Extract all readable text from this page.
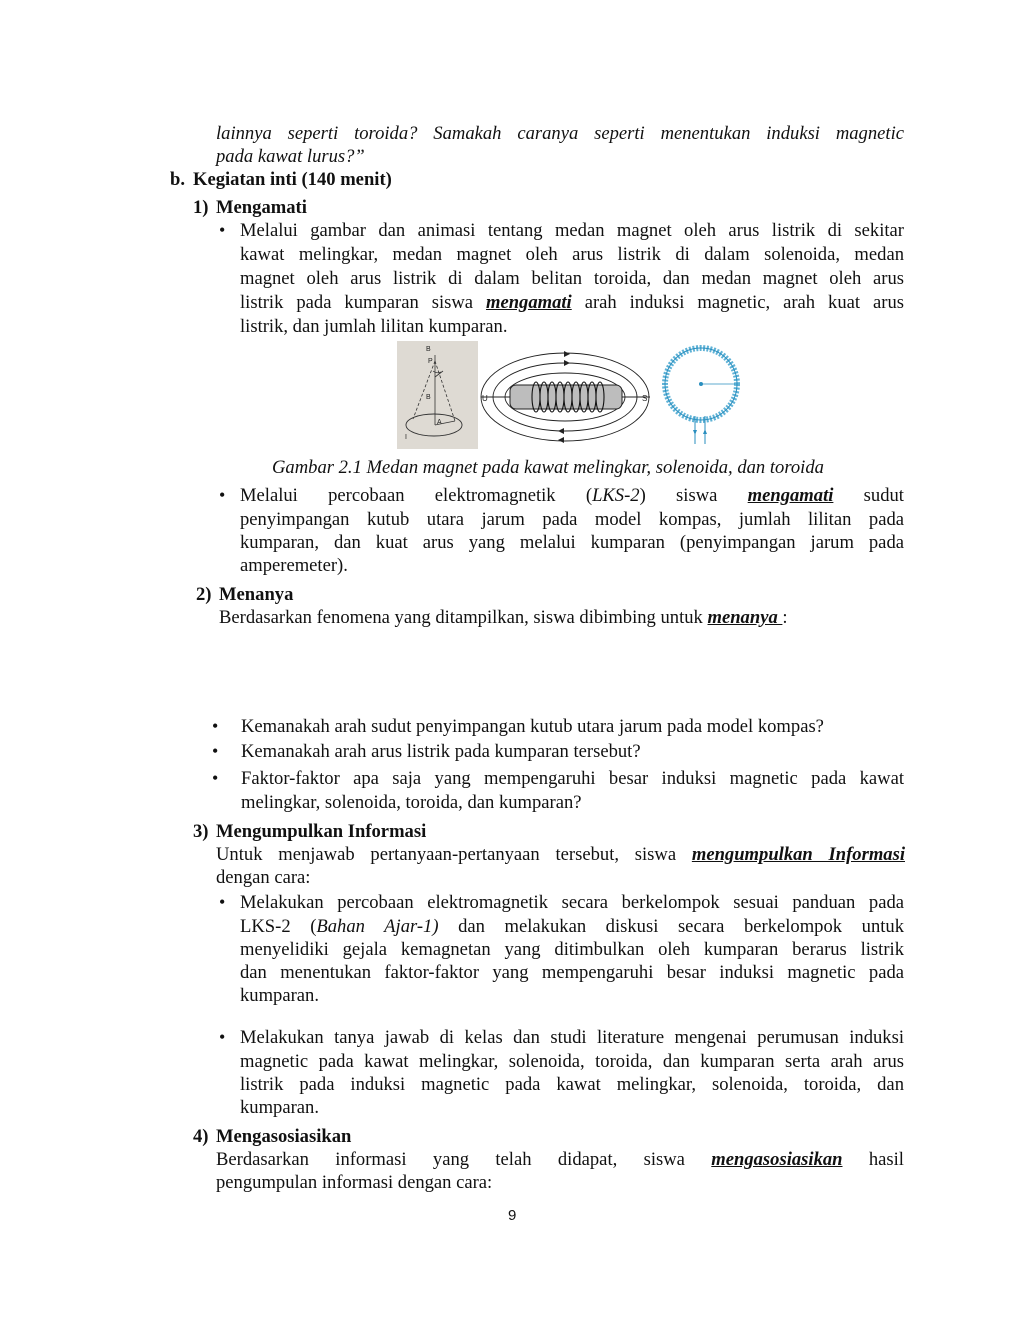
lainnya seperti toroida? Samakah caranya seperti menentukan induksi magnetic
pada kawat lurus?”
b. Kegiatan inti (140 menit)
1) Mengamati
• Melalui gambar dan animasi tentang medan magnet oleh arus listrik di sekitar
kawat melingkar, medan magnet oleh arus listrik di dalam solenoida, medan
magnet oleh arus listrik di dalam belitan toroida, dan medan magnet oleh arus
listrik pada kumparan siswa mengamati arah induksi magnetic, arah kuat arus
listrik, dan jumlah lilitan kumparan.
B
P
B
A
I
U	S
Gambar 2.1 Medan magnet pada kawat melingkar, solenoida, dan toroida
• Melalui percobaan elektromagnetik (LKS-2) siswa mengamati sudut
penyimpangan kutub utara jarum pada model kompas, jumlah lilitan pada
kumparan, dan kuat arus yang melalui kumparan (penyimpangan jarum pada
amperemeter).
2) Menanya
Berdasarkan fenomena yang ditampilkan, siswa dibimbing untuk menanya :
• Kemanakah arah sudut penyimpangan kutub utara jarum pada model kompas?
• Kemanakah arah arus listrik pada kumparan tersebut?
• Faktor-faktor apa saja yang mempengaruhi besar induksi magnetic pada kawat
melingkar, solenoida, toroida, dan kumparan?
3) Mengumpulkan Informasi
Untuk menjawab pertanyaan-pertanyaan tersebut, siswa mengumpulkan Informasi
dengan cara:
• Melakukan percobaan elektromagnetik secara berkelompok sesuai panduan pada
LKS-2 (Bahan Ajar-1) dan melakukan diskusi secara berkelompok untuk
menyelidiki gejala kemagnetan yang ditimbulkan oleh kumparan berarus listrik
dan menentukan faktor-faktor yang mempengaruhi besar induksi magnetic pada
kumparan.
• Melakukan tanya jawab di kelas dan studi literature mengenai perumusan induksi
magnetic pada kawat melingkar, solenoida, toroida, dan kumparan serta arah arus
listrik pada induksi magnetic pada kawat melingkar, solenoida, toroida, dan
kumparan.
4) Mengasosiasikan
Berdasarkan informasi yang telah didapat, siswa mengasosiasikan hasil
pengumpulan informasi dengan cara:
9
